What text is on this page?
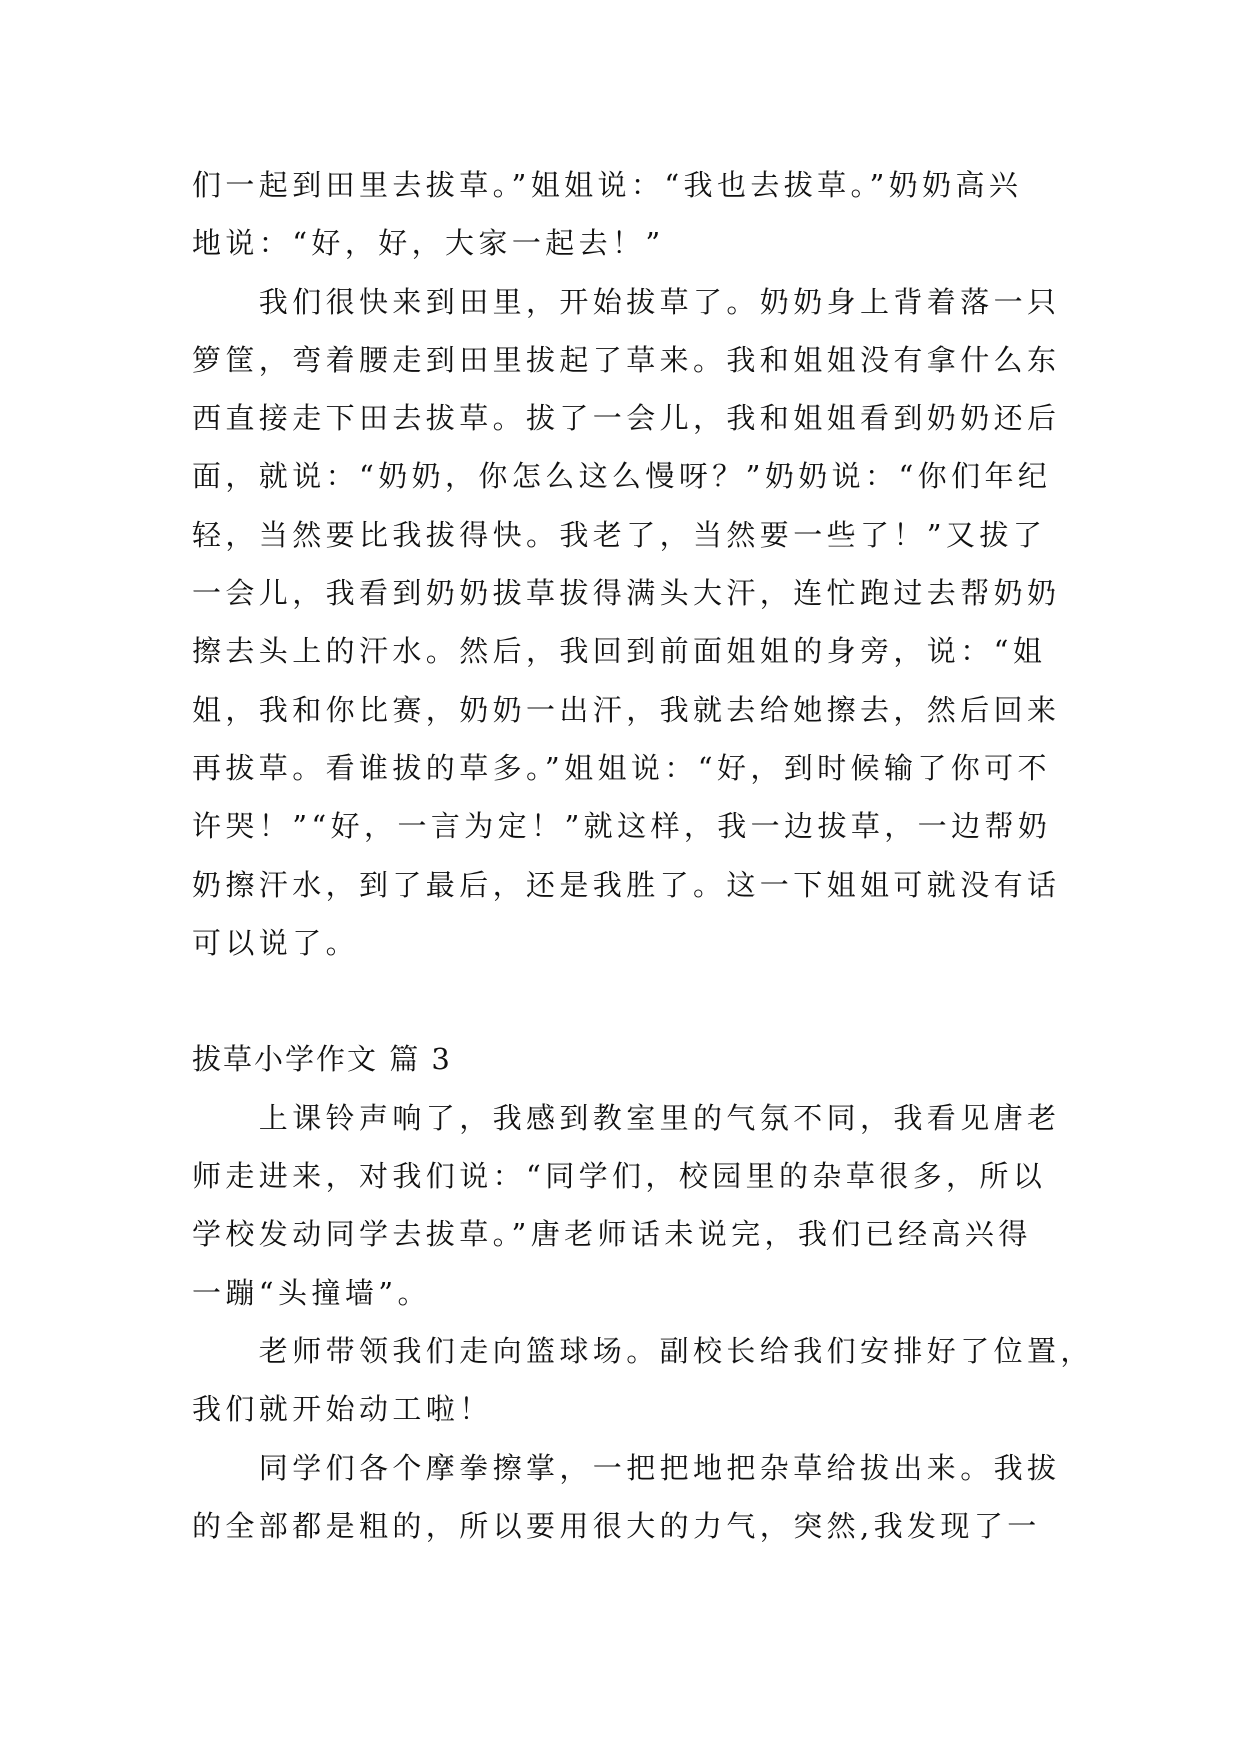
们一起到田里去拔草。”姐姐说：“我也去拔草。”奶奶高兴
地说：“好，好，大家一起去！”
　　我们很快来到田里，开始拔草了。奶奶身上背着落一只
箩筐，弯着腰走到田里拔起了草来。我和姐姐没有拿什么东
西直接走下田去拔草。拔了一会儿，我和姐姐看到奶奶还后
面，就说：“奶奶，你怎么这么慢呀？”奶奶说：“你们年纪
轻，当然要比我拔得快。我老了，当然要一些了！”又拔了
一会儿，我看到奶奶拔草拔得满头大汗，连忙跑过去帮奶奶
擦去头上的汗水。然后，我回到前面姐姐的身旁，说：“姐
姐，我和你比赛，奶奶一出汗，我就去给她擦去，然后回来
再拔草。看谁拔的草多。”姐姐说：“好，到时候输了你可不
许哭！”“好，一言为定！”就这样，我一边拔草，一边帮奶
奶擦汗水，到了最后，还是我胜了。这一下姐姐可就没有话
可以说了。
拔草小学作文 篇 3
　　上课铃声响了，我感到教室里的气氛不同，我看见唐老
师走进来，对我们说：“同学们，校园里的杂草很多，所以
学校发动同学去拔草。”唐老师话未说完，我们已经高兴得
一蹦“头撞墙”。
　　老师带领我们走向篮球场。副校长给我们安排好了位置，
我们就开始动工啦！
　　同学们各个摩拳擦掌，一把把地把杂草给拔出来。我拔
的全部都是粗的，所以要用很大的力气，突然,我发现了一
